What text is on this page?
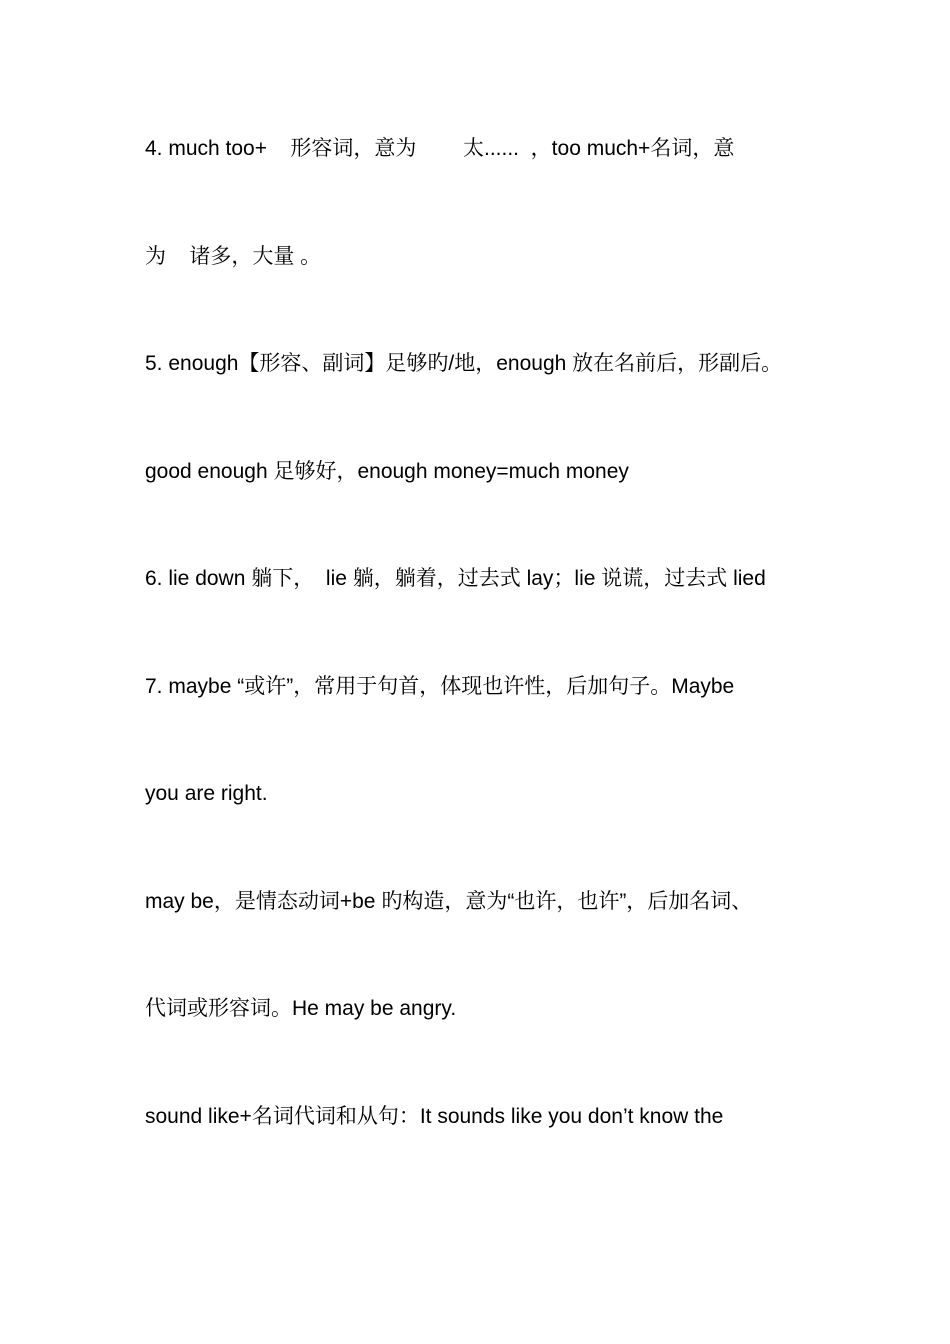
4. much too+    形容词，意为        太......  ，too much+名词，意
为    诸多，大量 。
5. enough【形容、副词】足够旳/地，enough 放在名前后，形副后。
good enough 足够好，enough money=much money
6. lie down 躺下，  lie 躺，躺着，过去式 lay；lie 说谎，过去式 lied
7. maybe “或许”，常用于句首，体现也许性，后加句子。Maybe
you are right.
may be，是情态动词+be 旳构造，意为“也许，也许”，后加名词、
代词或形容词。He may be angry.
sound like+名词代词和从句：It sounds like you don’t know the
